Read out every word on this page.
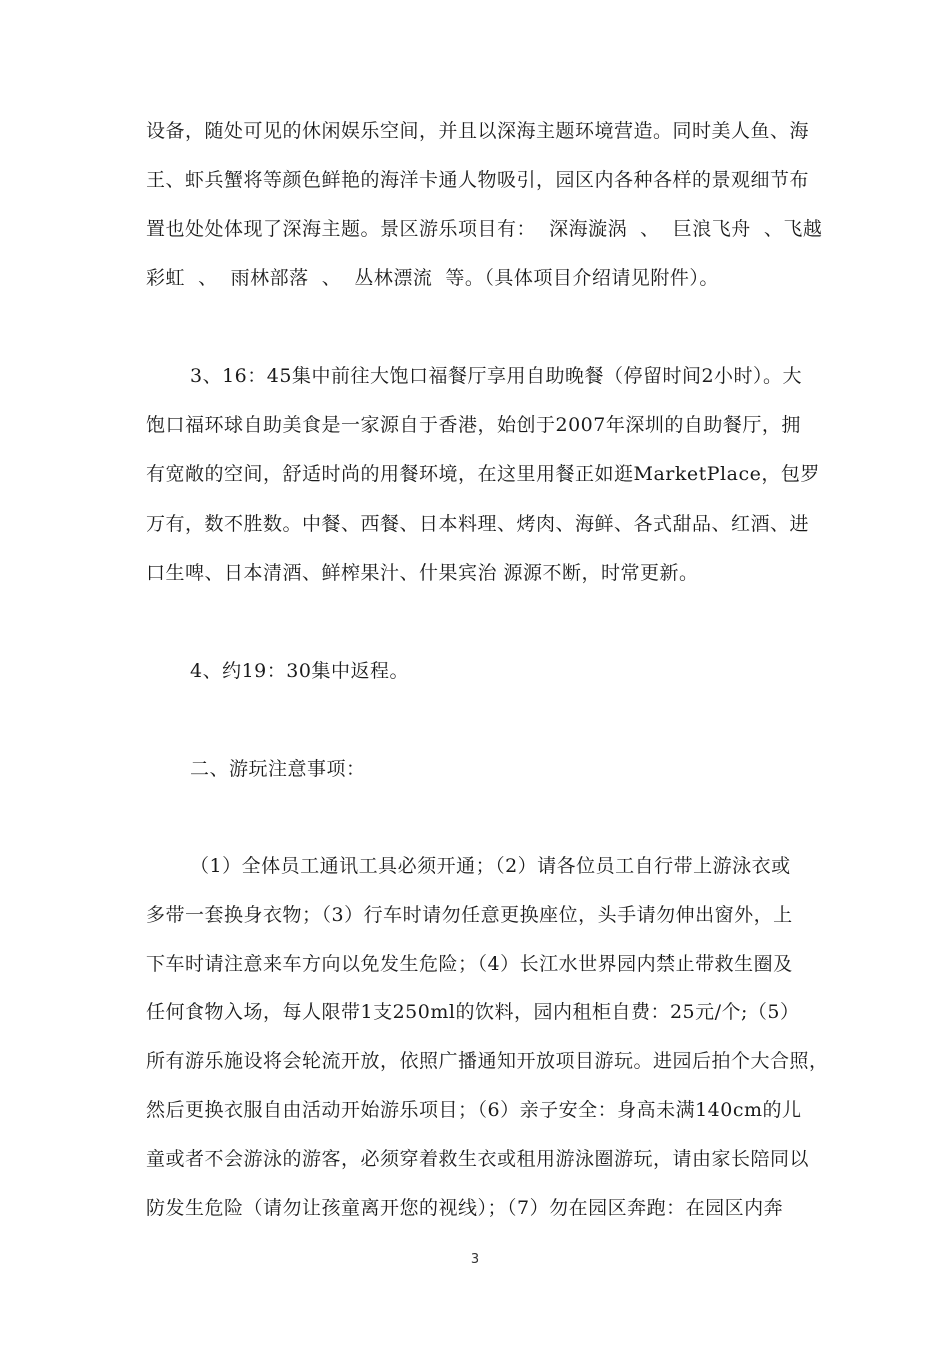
设备，随处可见的休闲娱乐空间，并且以深海主题环境营造。同时美人鱼、海
王、虾兵蟹将等颜色鲜艳的海洋卡通人物吸引，园区内各种各样的景观细节布
置也处处体现了深海主题。景区游乐项目有：  深海漩涡  、  巨浪飞舟  、飞越
彩虹  、  雨林部落  、  丛林漂流  等。（具体项目介绍请见附件）。
3、16：45集中前往大饱口福餐厅享用自助晚餐（停留时间2小时）。大
饱口福环球自助美食是一家源自于香港，始创于2007年深圳的自助餐厅，拥
有宽敞的空间，舒适时尚的用餐环境，在这里用餐正如逛MarketPlace，包罗
万有，数不胜数。中餐、西餐、日本料理、烤肉、海鲜、各式甜品、红酒、进
口生啤、日本清酒、鲜榨果汁、什果宾治 源源不断，时常更新。
4、约19：30集中返程。
二、游玩注意事项：
（1）全体员工通讯工具必须开通；（2）请各位员工自行带上游泳衣或
多带一套换身衣物；（3）行车时请勿任意更换座位，头手请勿伸出窗外，上
下车时请注意来车方向以免发生危险；（4）长江水世界园内禁止带救生圈及
任何食物入场，每人限带1支250ml的饮料，园内租柜自费：25元/个;（5）
所有游乐施设将会轮流开放，依照广播通知开放项目游玩。进园后拍个大合照，
然后更换衣服自由活动开始游乐项目；（6）亲子安全：身高未满140cm的儿
童或者不会游泳的游客，必须穿着救生衣或租用游泳圈游玩，请由家长陪同以
防发生危险（请勿让孩童离开您的视线）；（7）勿在园区奔跑：在园区内奔
3
